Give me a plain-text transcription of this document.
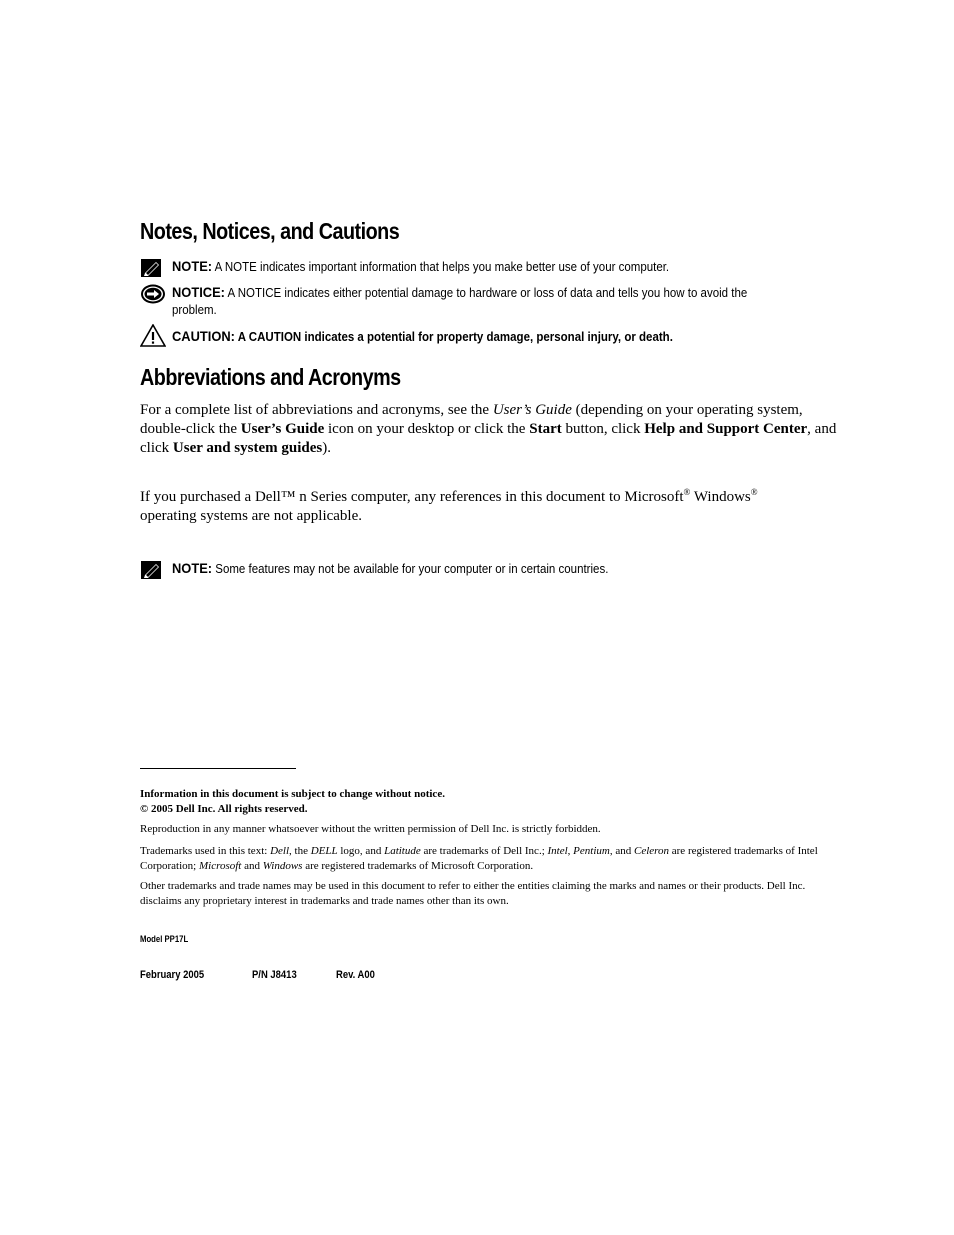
Notes, Notices, and Cautions
NOTE: A NOTE indicates important information that helps you make better use of your computer.
NOTICE: A NOTICE indicates either potential damage to hardware or loss of data and tells you how to avoid the problem.
CAUTION: A CAUTION indicates a potential for property damage, personal injury, or death.
Abbreviations and Acronyms
For a complete list of abbreviations and acronyms, see the User’s Guide (depending on your operating system, double-click the User’s Guide icon on your desktop or click the Start button, click Help and Support Center, and click User and system guides).
If you purchased a Dell™ n Series computer, any references in this document to Microsoft® Windows® operating systems are not applicable.
NOTE: Some features may not be available for your computer or in certain countries.
Information in this document is subject to change without notice.
© 2005 Dell Inc. All rights reserved.
Reproduction in any manner whatsoever without the written permission of Dell Inc. is strictly forbidden.
Trademarks used in this text: Dell, the DELL logo, and Latitude are trademarks of Dell Inc.; Intel, Pentium, and Celeron are registered trademarks of Intel Corporation; Microsoft and Windows are registered trademarks of Microsoft Corporation.
Other trademarks and trade names may be used in this document to refer to either the entities claiming the marks and names or their products. Dell Inc. disclaims any proprietary interest in trademarks and trade names other than its own.
Model PP17L
February 2005	P/N J8413	Rev. A00
